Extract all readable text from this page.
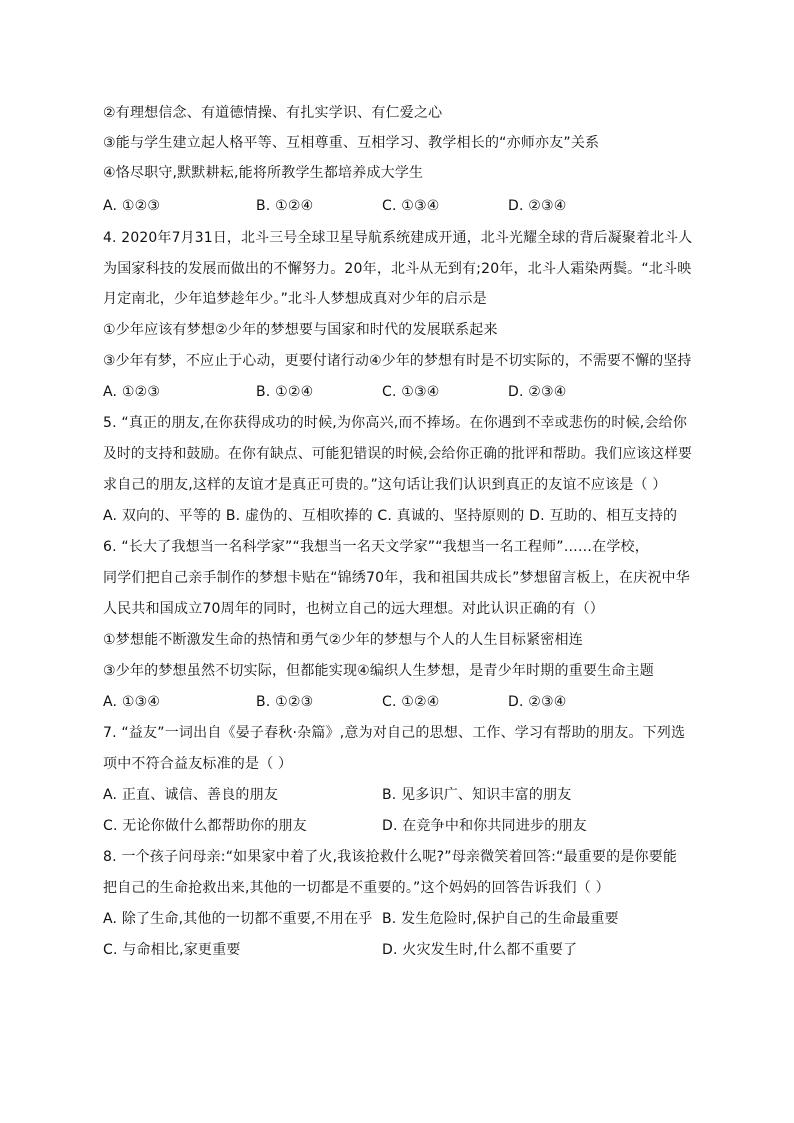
②有理想信念、有道德情操、有扎实学识、有仁爱之心
③能与学生建立起人格平等、互相尊重、互相学习、教学相长的“亦师亦友”关系
④恪尽职守,默默耕耘,能将所教学生都培养成大学生
A. ①②③	B. ①②④	C. ①③④	D. ②③④
4. 2020年7月31日，北斗三号全球卫星导航系统建成开通，北斗光耀全球的背后凝聚着北斗人
为国家科技的发展而做出的不懈努力。20年，北斗从无到有;20年，北斗人霜染两鬓。“北斗映
月定南北，少年追梦趁年少。”北斗人梦想成真对少年的启示是
①少年应该有梦想②少年的梦想要与国家和时代的发展联系起来
③少年有梦，不应止于心动，更要付诸行动④少年的梦想有时是不切实际的，不需要不懈的坚持
A. ①②③	B. ①②④	C. ①③④	D. ②③④
5. “真正的朋友,在你获得成功的时候,为你高兴,而不捧场。在你遇到不幸或悲伤的时候,会给你
及时的支持和鼓励。在你有缺点、可能犯错误的时候,会给你正确的批评和帮助。我们应该这样要
求自己的朋友,这样的友谊才是真正可贵的。”这句话让我们认识到真正的友谊不应该是（ ）
A. 双向的、平等的 B. 虚伪的、互相吹捧的 C. 真诚的、坚持原则的 D. 互助的、相互支持的
6. “长大了我想当一名科学家”“我想当一名天文学家”“我想当一名工程师”……在学校，
同学们把自己亲手制作的梦想卡贴在“锦绣70年，我和祖国共成长”梦想留言板上，在庆祝中华
人民共和国成立70周年的同时，也树立自己的远大理想。对此认识正确的有（）
①梦想能不断激发生命的热情和勇气②少年的梦想与个人的人生目标紧密相连
③少年的梦想虽然不切实际，但都能实现④编织人生梦想，是青少年时期的重要生命主题
A. ①③④	B. ①②③	C. ①②④	D. ②③④
7. “益友”一词出自《晏子春秋·杂篇》,意为对自己的思想、工作、学习有帮助的朋友。下列选
项中不符合益友标准的是（ ）
A. 正直、诚信、善良的朋友	B. 见多识广、知识丰富的朋友
C. 无论你做什么都帮助你的朋友	D. 在竞争中和你共同进步的朋友
8. 一个孩子问母亲:“如果家中着了火,我该抢救什么呢?”母亲微笑着回答:“最重要的是你要能
把自己的生命抢救出来,其他的一切都是不重要的。”这个妈妈的回答告诉我们（ ）
A. 除了生命,其他的一切都不重要,不用在乎 B. 发生危险时,保护自己的生命最重要
C. 与命相比,家更重要	D. 火灾发生时,什么都不重要了
